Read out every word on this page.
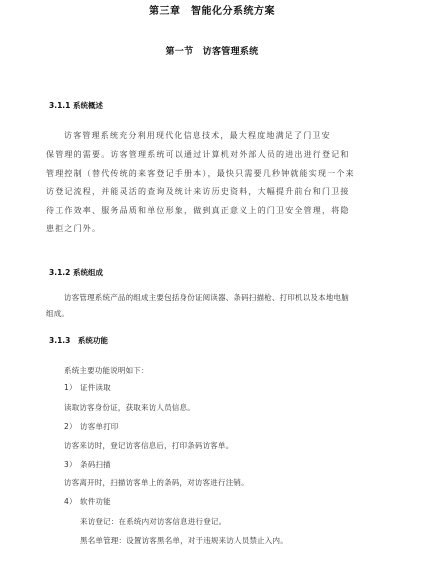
第三章　智能化分系统方案
第一节　访客管理系统
3.1.1 系统概述
访客管理系统充分利用现代化信息技术，最大程度地满足了门卫安
保管理的需要。访客管理系统可以通过计算机对外部人员的进出进行登记和
管理控制（替代传统的来客登记手册本），最快只需要几秒钟就能实现一个来
访登记流程，并能灵活的查询及统计来访历史资料，大幅提升前台和门卫接
待工作效率、服务品质和单位形象，做到真正意义上的门卫安全管理，将隐
患拒之门外。
3.1.2 系统组成
访客管理系统产品的组成主要包括身份证阅读器、条码扫描枪、打印机以及本地电脑
组成。
3.1.3　系统功能
系统主要功能说明如下：
1） 证件读取
读取访客身份证，获取来访人员信息。
2） 访客单打印
访客来访时，登记访客信息后，打印条码访客单。
3） 条码扫描
访客离开时，扫描访客单上的条码，对访客进行注销。
4） 软件功能
来访登记：在系统内对访客信息进行登记。
黑名单管理：设置访客黑名单，对于违规来访人员禁止入内。
